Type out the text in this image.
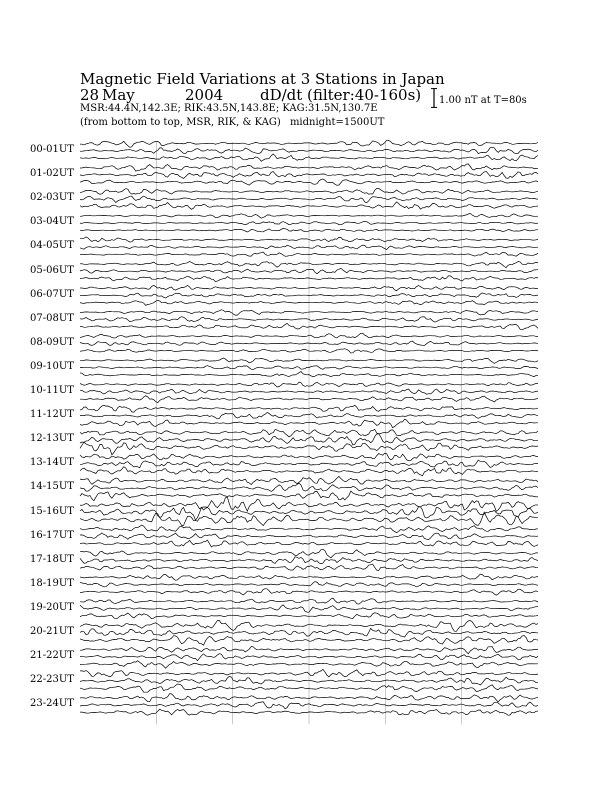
Magnetic Field Variations at 3 Stations in Japan
28 May	2004 dD/dt (filter:40-160s)
MSR:44.4N,142.3E; RIK:43.5N,143.8E; KAG:31.5N,130.7E
(from bottom to top, MSR, RIK, & KAG) midnight=1500UT
1.00 nT at T=80s
00-01UT
01-02UT
02-03UT
03-04UT
04-05UT
05-06UT
06-07UT
07-08UT
08-09UT
09-10UT
10-11UT
11-12UT
12-13UT
13-14UT
14-15UT
15-16UT
16-17UT
17-18UT
18-19UT
19-20UT
20-21UT
21-22UT
22-23UT
23-24UT
